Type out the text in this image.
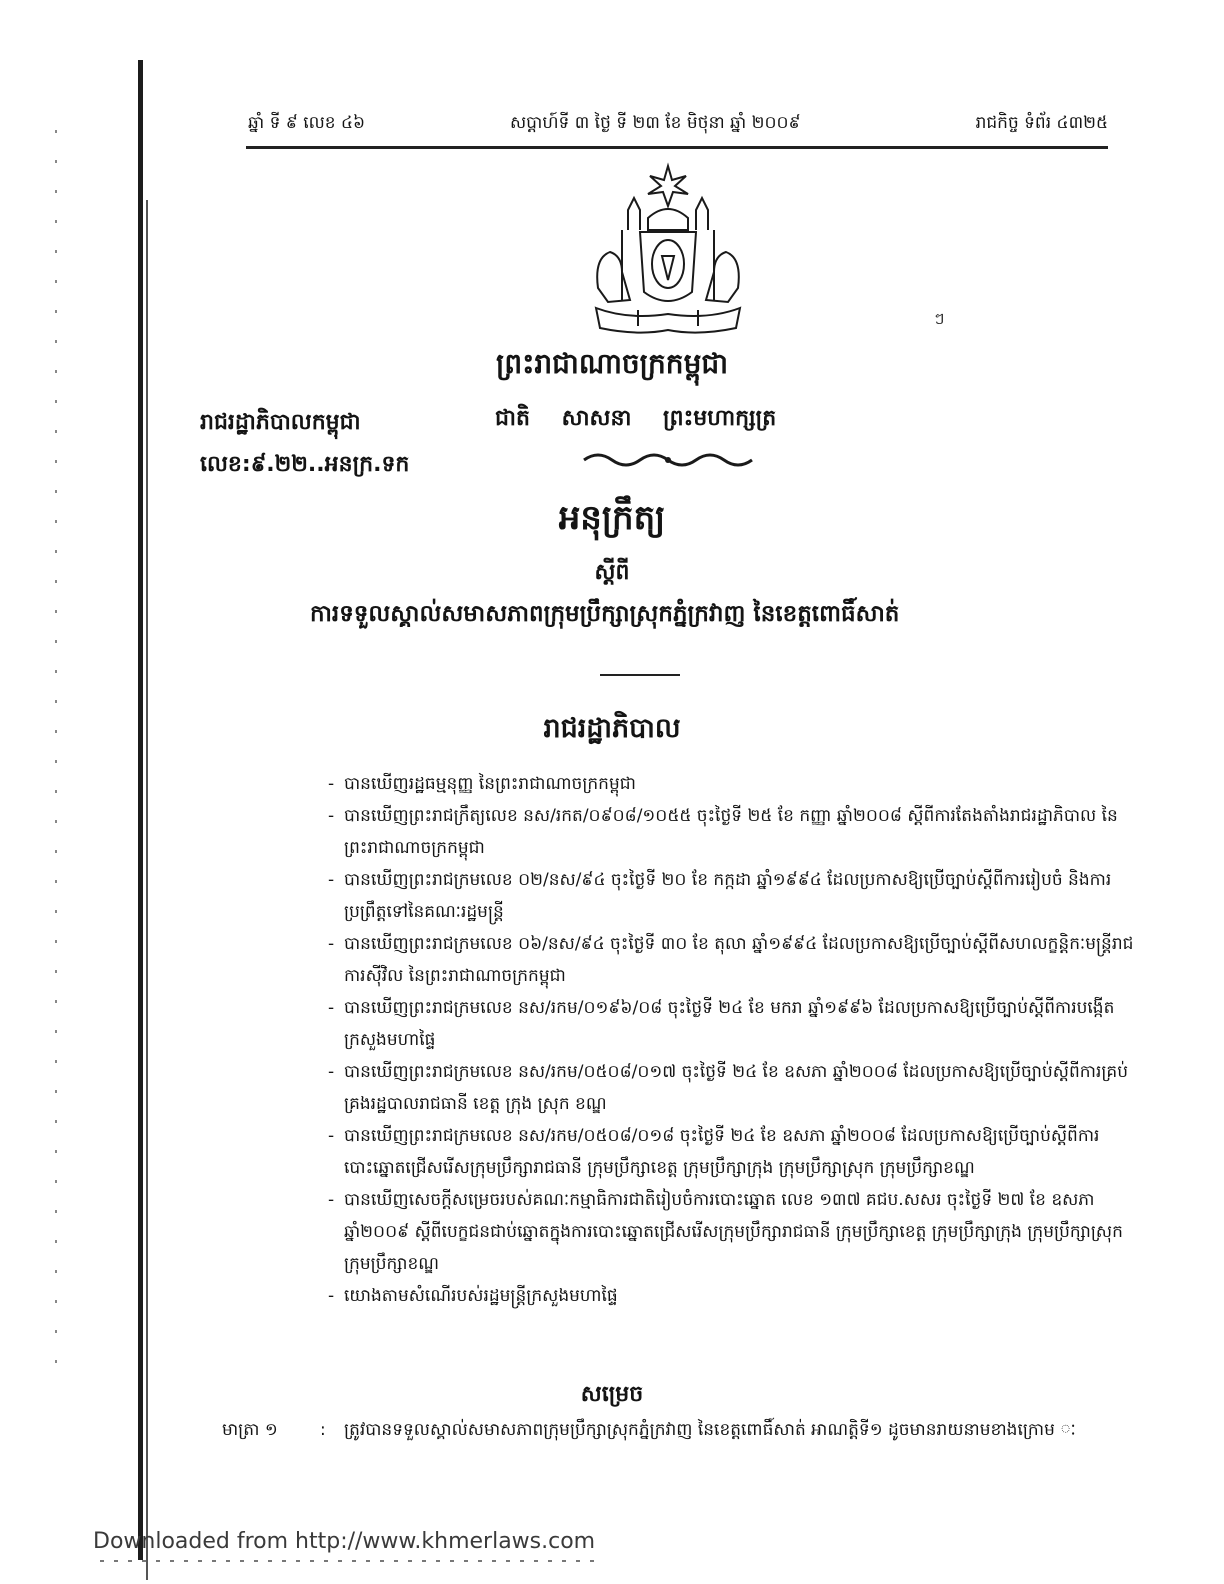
ឆ្នាំ ទី ៩ លេខ ៤៦	សប្តាហ៍ទី ៣ ថ្ងៃ ទី ២៣ ខែ មិថុនា ឆ្នាំ ២០០៩	រាជកិច្ច ទំព័រ ៤៣២៥
ៗ
ព្រះរាជាណាចក្រកម្ពុជា
រាជរដ្ឋាភិបាលកម្ពុជា	ជាតិ សាសនា ព្រះមហាក្សត្រ
លេខ:៩.២២..អនក្រ.ទក
អនុក្រឹត្យ
ស្តីពី
ការទទួលស្គាល់សមាសភាពក្រុមប្រឹក្សាស្រុកភ្នំក្រវាញ នៃខេត្តពោធិ៍សាត់
រាជរដ្ឋាភិបាល
- បានឃើញរដ្ឋធម្មនុញ្ញ នៃព្រះរាជាណាចក្រកម្ពុជា
- បានឃើញព្រះរាជក្រឹត្យលេខ នស/រកត/០៩០៨/១០៥៥ ចុះថ្ងៃទី ២៥ ខែ កញ្ញា ឆ្នាំ២០០៨ ស្តីពីការតែងតាំងរាជរដ្ឋាភិបាល នៃព្រះរាជាណាចក្រកម្ពុជា
- បានឃើញព្រះរាជក្រមលេខ ០២/នស/៩៤ ចុះថ្ងៃទី ២០ ខែ កក្កដា ឆ្នាំ១៩៩៤ ដែលប្រកាសឱ្យប្រើច្បាប់ស្តីពីការរៀបចំ និងការប្រព្រឹត្តទៅនៃគណៈរដ្ឋមន្ត្រី
- បានឃើញព្រះរាជក្រមលេខ ០៦/នស/៩៤ ចុះថ្ងៃទី ៣០ ខែ តុលា ឆ្នាំ១៩៩៤ ដែលប្រកាសឱ្យប្រើច្បាប់ស្តីពីសហលក្ខន្តិកៈមន្ត្រីរាជការស៊ីវិល នៃព្រះរាជាណាចក្រកម្ពុជា
- បានឃើញព្រះរាជក្រមលេខ នស/រកម/០១៩៦/០៨ ចុះថ្ងៃទី ២៤ ខែ មករា ឆ្នាំ១៩៩៦ ដែលប្រកាសឱ្យប្រើច្បាប់ស្តីពីការបង្កើតក្រសួងមហាផ្ទៃ
- បានឃើញព្រះរាជក្រមលេខ នស/រកម/០៥០៨/០១៧ ចុះថ្ងៃទី ២៤ ខែ ឧសភា ឆ្នាំ២០០៨ ដែលប្រកាសឱ្យប្រើច្បាប់ស្តីពីការគ្រប់គ្រងរដ្ឋបាលរាជធានី ខេត្ត ក្រុង ស្រុក ខណ្ឌ
- បានឃើញព្រះរាជក្រមលេខ នស/រកម/០៥០៨/០១៨ ចុះថ្ងៃទី ២៤ ខែ ឧសភា ឆ្នាំ២០០៨ ដែលប្រកាសឱ្យប្រើច្បាប់ស្តីពីការបោះឆ្នោតជ្រើសរើសក្រុមប្រឹក្សារាជធានី ក្រុមប្រឹក្សាខេត្ត ក្រុមប្រឹក្សាក្រុង ក្រុមប្រឹក្សាស្រុក ក្រុមប្រឹក្សាខណ្ឌ
- បានឃើញសេចក្តីសម្រេចរបស់គណៈកម្មាធិការជាតិរៀបចំការបោះឆ្នោត លេខ ១៣៧ គជប.សសរ ចុះថ្ងៃទី ២៧ ខែ ឧសភា ឆ្នាំ២០០៩ ស្តីពីបេក្ខជនជាប់ឆ្នោតក្នុងការបោះឆ្នោតជ្រើសរើសក្រុមប្រឹក្សារាជធានី ក្រុមប្រឹក្សាខេត្ត ក្រុមប្រឹក្សាក្រុង ក្រុមប្រឹក្សាស្រុក ក្រុមប្រឹក្សាខណ្ឌ
- យោងតាមសំណើរបស់រដ្ឋមន្ត្រីក្រសួងមហាផ្ទៃ
សម្រេច
មាត្រា ១ : ត្រូវបានទទួលស្គាល់សមាសភាពក្រុមប្រឹក្សាស្រុកភ្នំក្រវាញ នៃខេត្តពោធិ៍សាត់ អាណត្តិទី១ ដូចមានរាយនាមខាងក្រោម ៈ
Downloaded from http://www.khmerlaws.com
